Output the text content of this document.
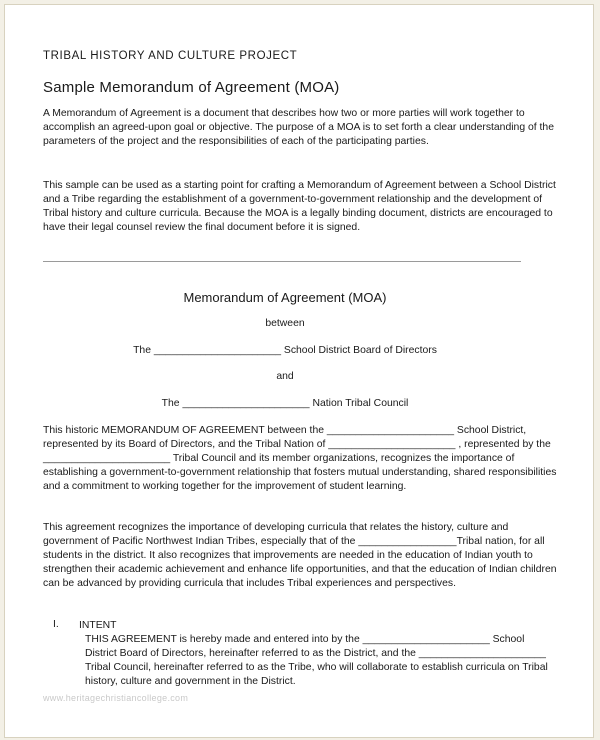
TRIBAL HISTORY AND CULTURE PROJECT
Sample Memorandum of Agreement (MOA)
A Memorandum of Agreement is a document that describes how two or more parties will work together to accomplish an agreed-upon goal or objective. The purpose of a MOA is to set forth a clear understanding of the parameters of the project and the responsibilities of each of the participating parties.
This sample can be used as a starting point for crafting a Memorandum of Agreement between a School District and a Tribe regarding the establishment of a government-to-government relationship and the development of Tribal history and culture curricula. Because the MOA is a legally binding document, districts are encouraged to have their legal counsel review the final document before it is signed.
Memorandum of Agreement (MOA)
between
The ______________________ School District Board of Directors
and
The ______________________ Nation Tribal Council
This historic MEMORANDUM OF AGREEMENT between the ______________________ School District, represented by its Board of Directors, and the Tribal Nation of ______________________ , represented by the ______________________ Tribal Council and its member organizations, recognizes the importance of establishing a government-to-government relationship that fosters mutual understanding, shared responsibilities and a commitment to working together for the improvement of student learning.
This agreement recognizes the importance of developing curricula that relates the history, culture and government of Pacific Northwest Indian Tribes, especially that of the _________________Tribal nation, for all students in the district. It also recognizes that improvements are needed in the education of Indian youth to strengthen their academic achievement and enhance life opportunities, and that the education of Indian children can be advanced by providing curricula that includes Tribal experiences and perspectives.
I. INTENT

THIS AGREEMENT is hereby made and entered into by the ______________________ School District Board of Directors, hereinafter referred to as the District, and the ______________________ Tribal Council, hereinafter referred to as the Tribe, who will collaborate to establish curricula on Tribal history, culture and government in the District.

www.heritagechristiancollege.com
